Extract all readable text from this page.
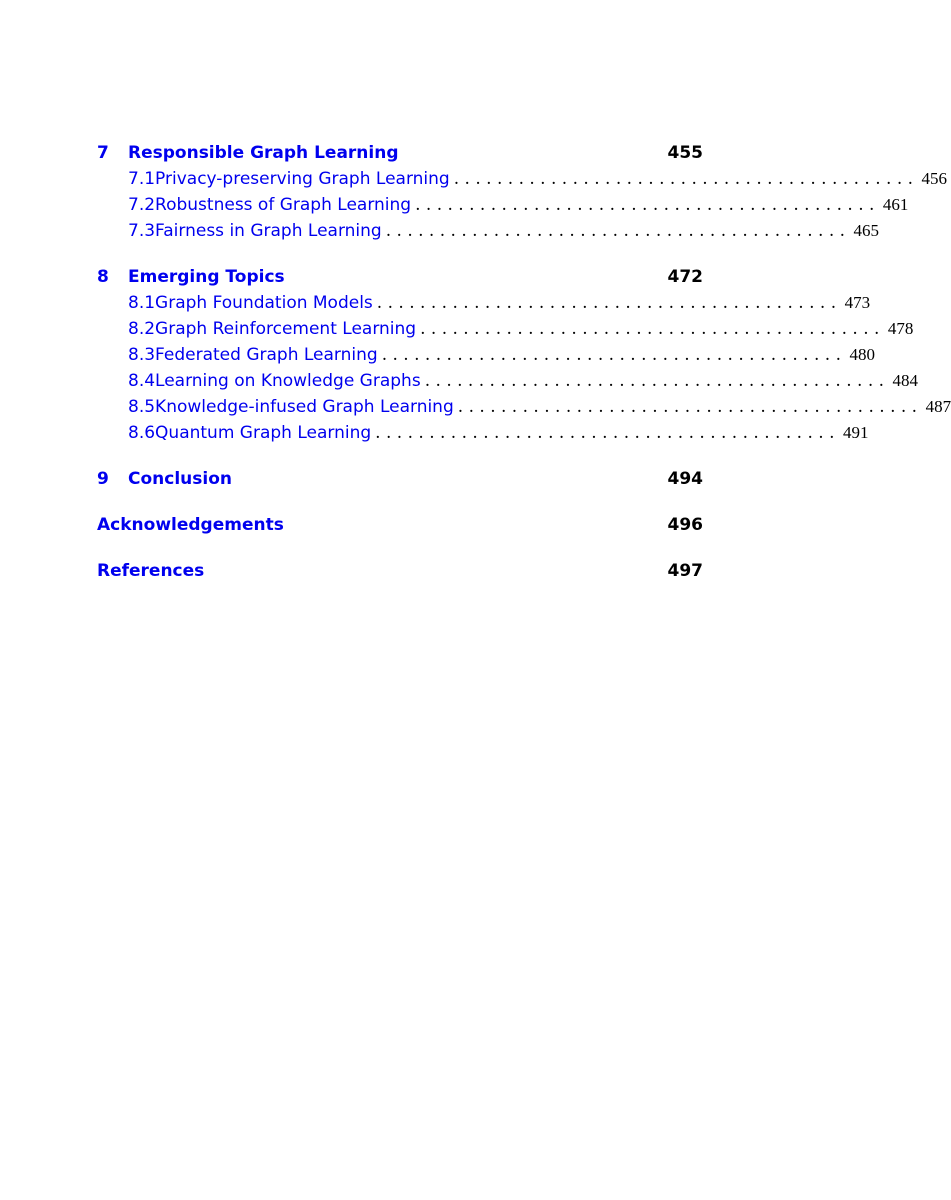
7	Responsible Graph Learning	455
7.1 Privacy-preserving Graph Learning . . . . . . . . . . . . . . . . . . . . . . . . . . . . . . . . . . . . . . . . . . . 456
7.2 Robustness of Graph Learning . . . . . . . . . . . . . . . . . . . . . . . . . . . . . . . . . . . . . . . . . . . 461
7.3 Fairness in Graph Learning . . . . . . . . . . . . . . . . . . . . . . . . . . . . . . . . . . . . . . . . . . . 465
8	Emerging Topics	472
8.1 Graph Foundation Models . . . . . . . . . . . . . . . . . . . . . . . . . . . . . . . . . . . . . . . . . . . 473
8.2 Graph Reinforcement Learning . . . . . . . . . . . . . . . . . . . . . . . . . . . . . . . . . . . . . . . . . . . 478
8.3 Federated Graph Learning . . . . . . . . . . . . . . . . . . . . . . . . . . . . . . . . . . . . . . . . . . . 480
8.4 Learning on Knowledge Graphs . . . . . . . . . . . . . . . . . . . . . . . . . . . . . . . . . . . . . . . . . . . 484
8.5 Knowledge-infused Graph Learning . . . . . . . . . . . . . . . . . . . . . . . . . . . . . . . . . . . . . . . . . . . 487
8.6 Quantum Graph Learning . . . . . . . . . . . . . . . . . . . . . . . . . . . . . . . . . . . . . . . . . . . 491
9	Conclusion	494
Acknowledgements	496
References	497
